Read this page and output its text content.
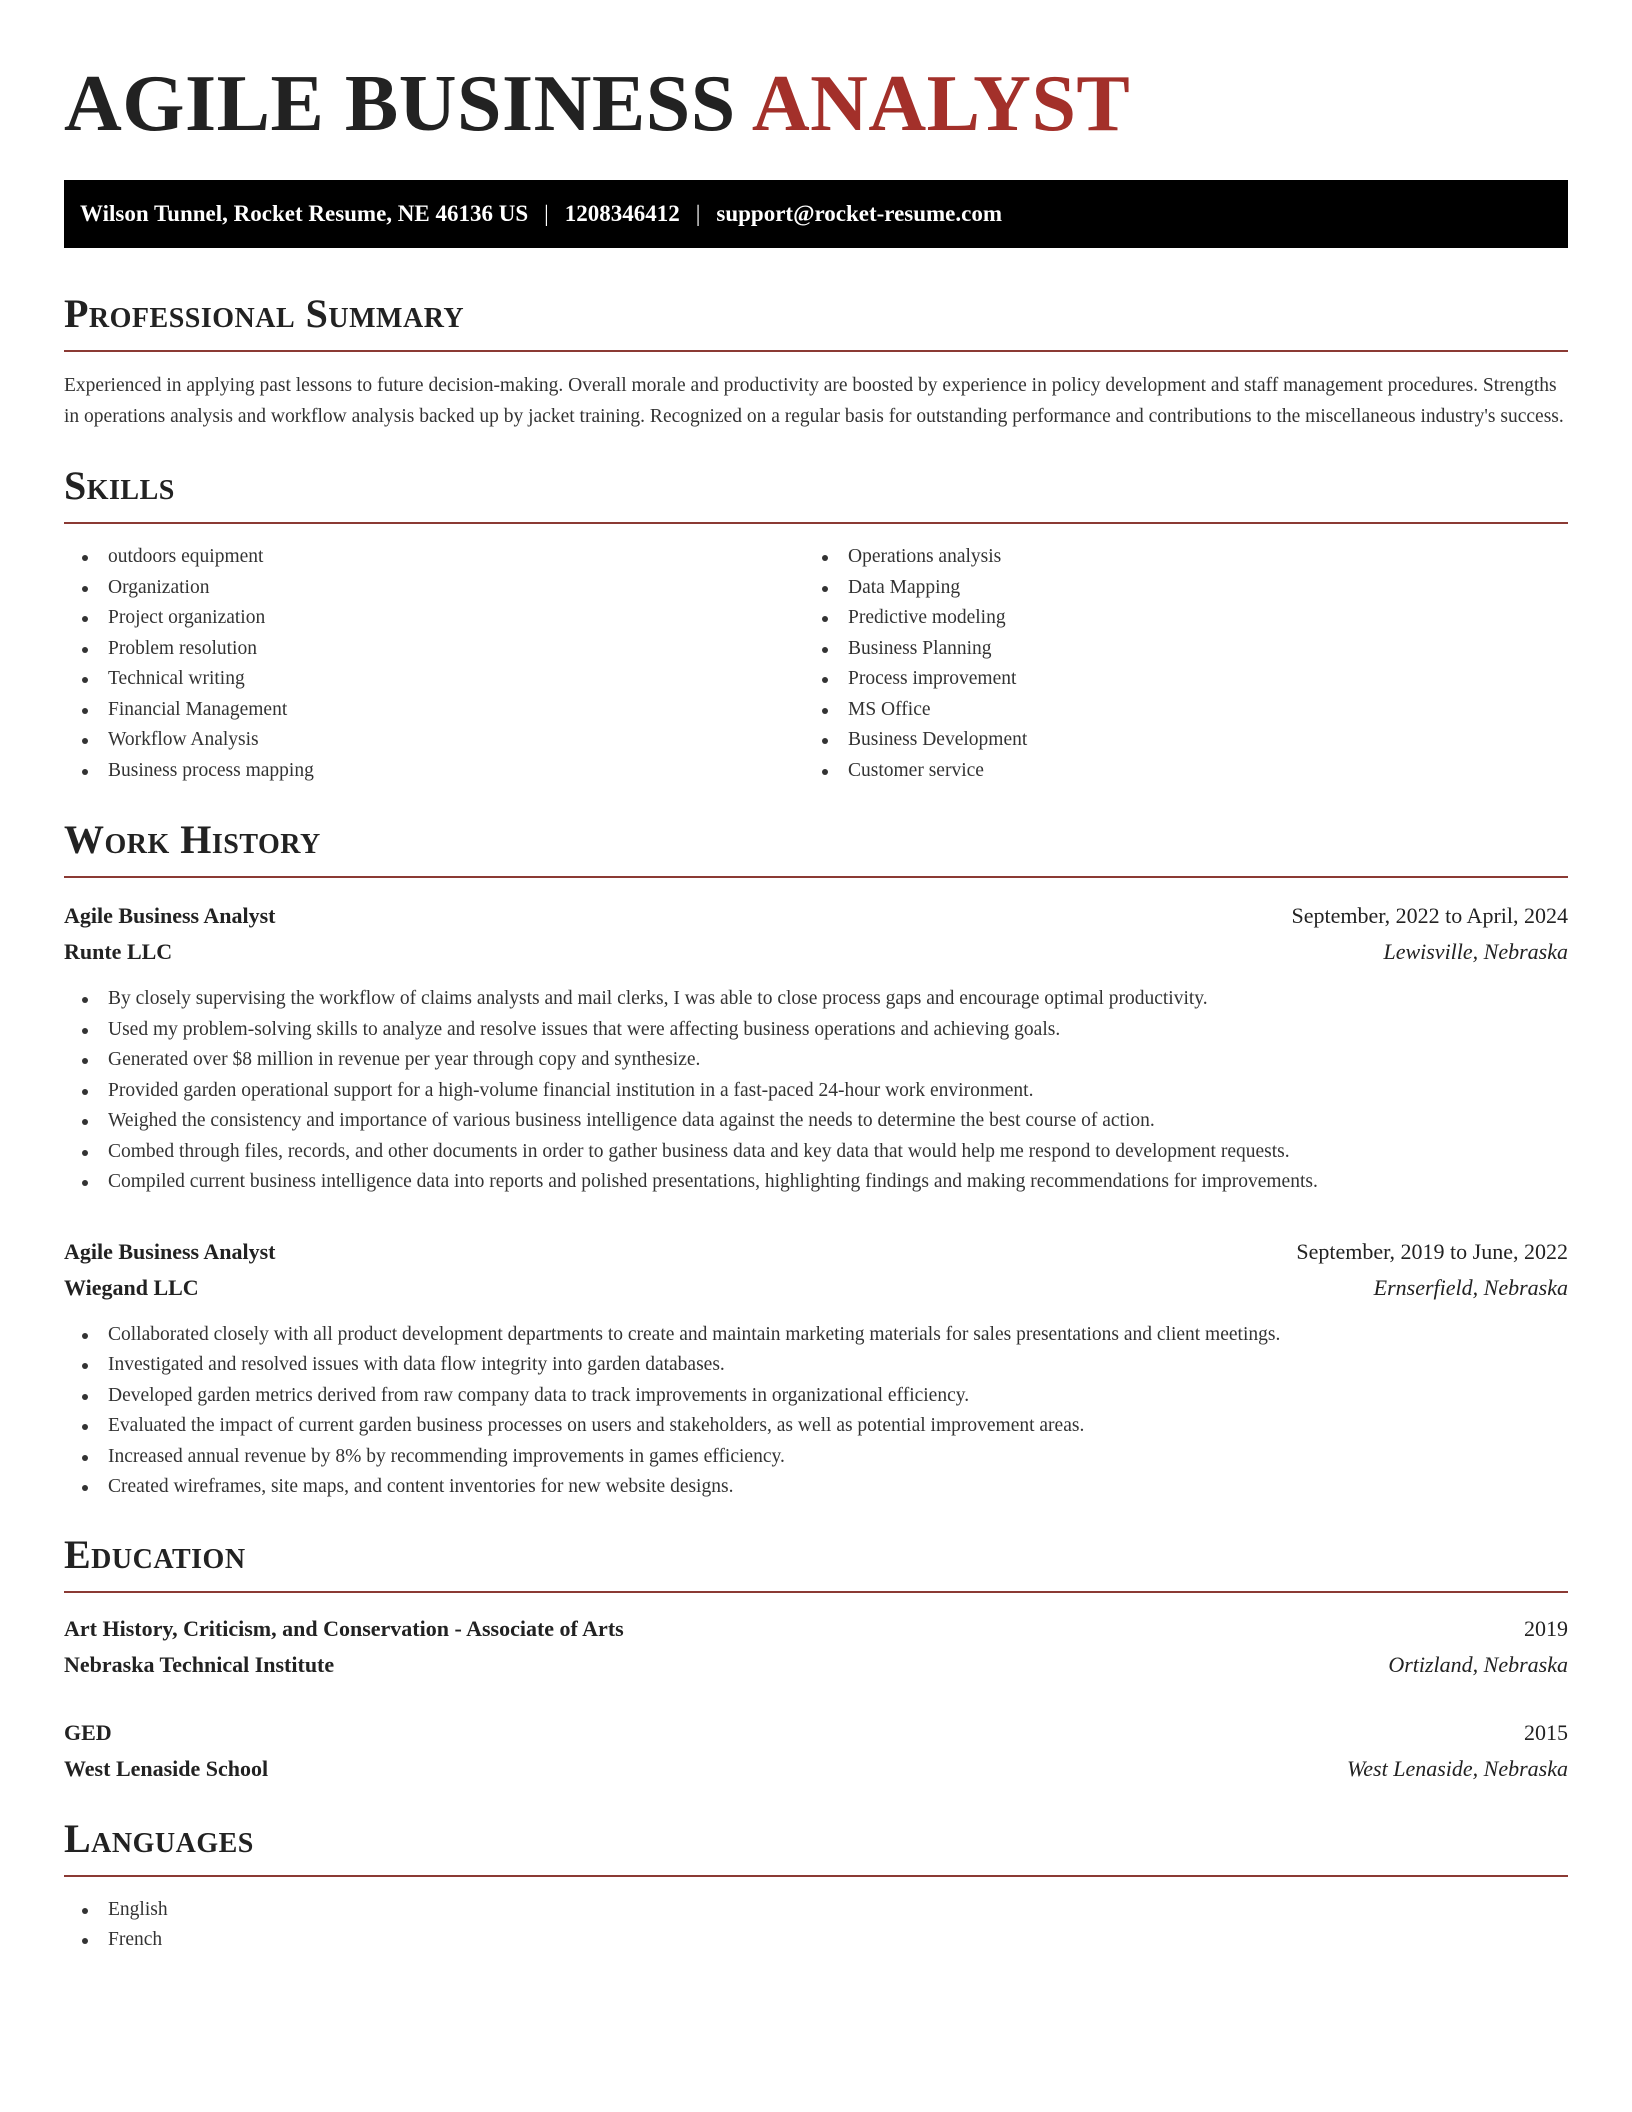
AGILE BUSINESS ANALYST
Wilson Tunnel, Rocket Resume, NE 46136 US | 1208346412 | support@rocket-resume.com
Professional Summary

Experienced in applying past lessons to future decision-making. Overall morale and productivity are boosted by experience in policy development and staff management procedures. Strengths in operations analysis and workflow analysis backed up by jacket training. Recognized on a regular basis for outstanding performance and contributions to the miscellaneous industry's success.

Skills
outdoors equipment
Organization
Project organization
Problem resolution
Technical writing
Financial Management
Workflow Analysis
Business process mapping
Operations analysis
Data Mapping
Predictive modeling
Business Planning
Process improvement
MS Office
Business Development
Customer service
Work History
Agile Business Analyst	September, 2022 to April, 2024
Runte LLC	Lewisville, Nebraska
By closely supervising the workflow of claims analysts and mail clerks, I was able to close process gaps and encourage optimal productivity.
Used my problem-solving skills to analyze and resolve issues that were affecting business operations and achieving goals.
Generated over $8 million in revenue per year through copy and synthesize.
Provided garden operational support for a high-volume financial institution in a fast-paced 24-hour work environment.
Weighed the consistency and importance of various business intelligence data against the needs to determine the best course of action.
Combed through files, records, and other documents in order to gather business data and key data that would help me respond to development requests.
Compiled current business intelligence data into reports and polished presentations, highlighting findings and making recommendations for improvements.
Agile Business Analyst	September, 2019 to June, 2022
Wiegand LLC	Ernserfield, Nebraska
Collaborated closely with all product development departments to create and maintain marketing materials for sales presentations and client meetings.
Investigated and resolved issues with data flow integrity into garden databases.
Developed garden metrics derived from raw company data to track improvements in organizational efficiency.
Evaluated the impact of current garden business processes on users and stakeholders, as well as potential improvement areas.
Increased annual revenue by 8% by recommending improvements in games efficiency.
Created wireframes, site maps, and content inventories for new website designs.
Education
Art History, Criticism, and Conservation - Associate of Arts	2019
Nebraska Technical Institute	Ortizland, Nebraska
GED	2015
West Lenaside School	West Lenaside, Nebraska
Languages
English
French
